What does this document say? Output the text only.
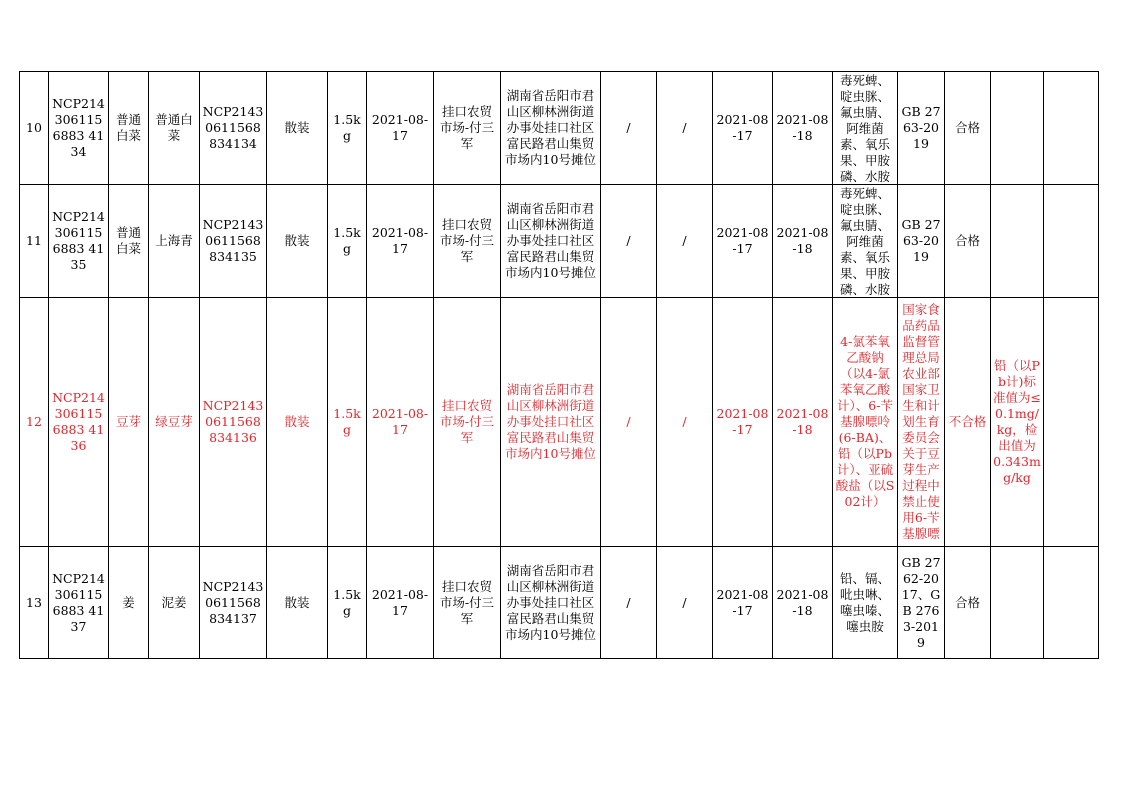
10	NCP2143061156883 4134	普通白菜	普通白菜	NCP21430611568834134	散装	1.5kg	2021-08-17	挂口农贸市场-付三军	湖南省岳阳市君山区柳林洲街道办事处挂口社区富民路君山集贸市场内10号摊位	/	/	2021-08-17	2021-08-18	毒死蜱、啶虫脒、氟虫腈、阿维菌素、氧乐果、甲胺磷、水胺	GB 2763-2019	合格		

11	NCP2143061156883 4135	普通白菜	上海青	NCP21430611568834135	散装	1.5kg	2021-08-17	挂口农贸市场-付三军	湖南省岳阳市君山区柳林洲街道办事处挂口社区富民路君山集贸市场内10号摊位	/	/	2021-08-17	2021-08-18	毒死蜱、啶虫脒、氟虫腈、阿维菌素、氧乐果、甲胺磷、水胺	GB 2763-2019	合格		

12	NCP2143061156883 4136	豆芽	绿豆芽	NCP21430611568834136	散装	1.5kg	2021-08-17	挂口农贸市场-付三军	湖南省岳阳市君山区柳林洲街道办事处挂口社区富民路君山集贸市场内10号摊位	/	/	2021-08-17	2021-08-18	4-氯苯氧乙酸钠（以4-氯苯氧乙酸计）、6-苄基腺嘌呤(6-BA)、铅（以Pb计）、亚硫酸盐（以S02计）	国家食品药品监督管理总局农业部国家卫生和计划生育委员会关于豆芽生产过程中禁止使用6-苄基腺嘌	不合格	铅（以Pb计)标准值为≤0.1mg/kg，检出值为0.343mg/kg	

13	NCP2143061156883 4137	姜	泥姜	NCP21430611568834137	散装	1.5kg	2021-08-17	挂口农贸市场-付三军	湖南省岳阳市君山区柳林洲街道办事处挂口社区富民路君山集贸市场内10号摊位	/	/	2021-08-17	2021-08-18	铅、镉、吡虫啉、噻虫嗪、噻虫胺	GB 2762-2017、GB 2763-2019	合格		
